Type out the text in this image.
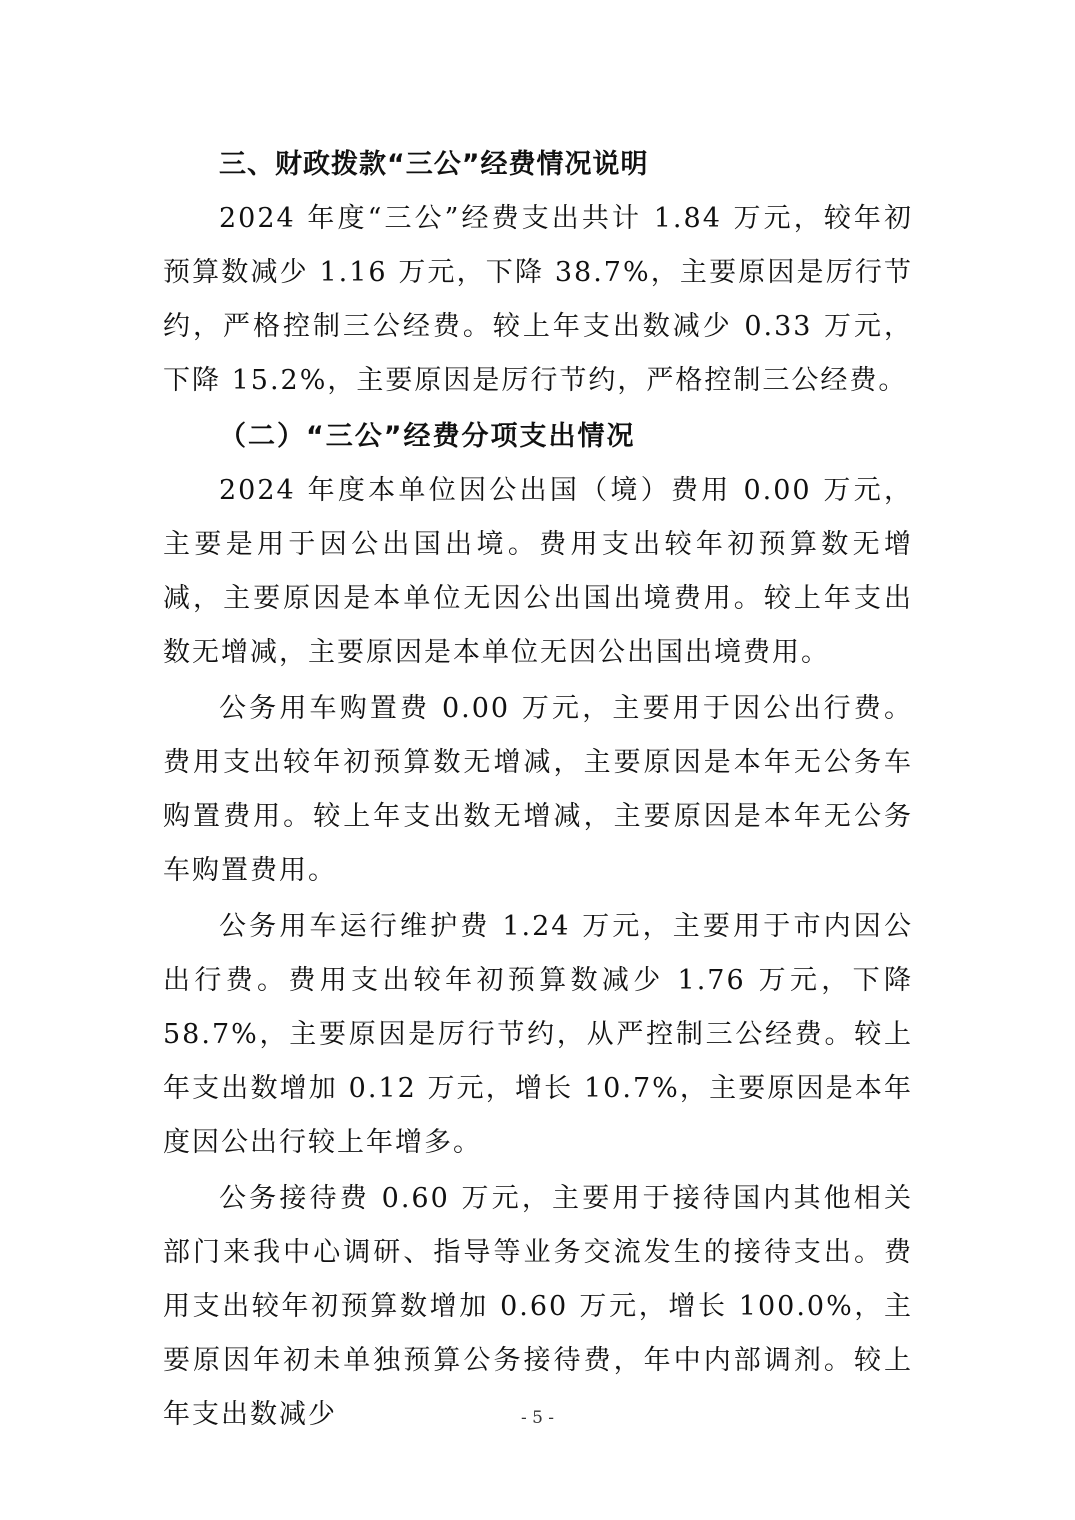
三、财政拨款“三公”经费情况说明

2024 年度“三公”经费支出共计 1.84 万元，较年初预算数减少 1.16 万元，下降 38.7%，主要原因是厉行节约，严格控制三公经费。较上年支出数减少 0.33 万元，下降 15.2%，主要原因是厉行节约，严格控制三公经费。

（二）“三公”经费分项支出情况

2024 年度本单位因公出国（境）费用 0.00 万元，主要是用于因公出国出境。费用支出较年初预算数无增减，主要原因是本单位无因公出国出境费用。较上年支出数无增减，主要原因是本单位无因公出国出境费用。

公务用车购置费 0.00 万元，主要用于因公出行费。费用支出较年初预算数无增减，主要原因是本年无公务车购置费用。较上年支出数无增减，主要原因是本年无公务车购置费用。

公务用车运行维护费 1.24 万元，主要用于市内因公出行费。费用支出较年初预算数减少 1.76 万元，下降 58.7%，主要原因是厉行节约，从严控制三公经费。较上年支出数增加 0.12 万元，增长 10.7%，主要原因是本年度因公出行较上年增多。

公务接待费 0.60 万元，主要用于接待国内其他相关部门来我中心调研、指导等业务交流发生的接待支出。费用支出较年初预算数增加 0.60 万元，增长 100.0%，主要原因年初未单独预算公务接待费，年中内部调剂。较上年支出数减少	- 5 -
